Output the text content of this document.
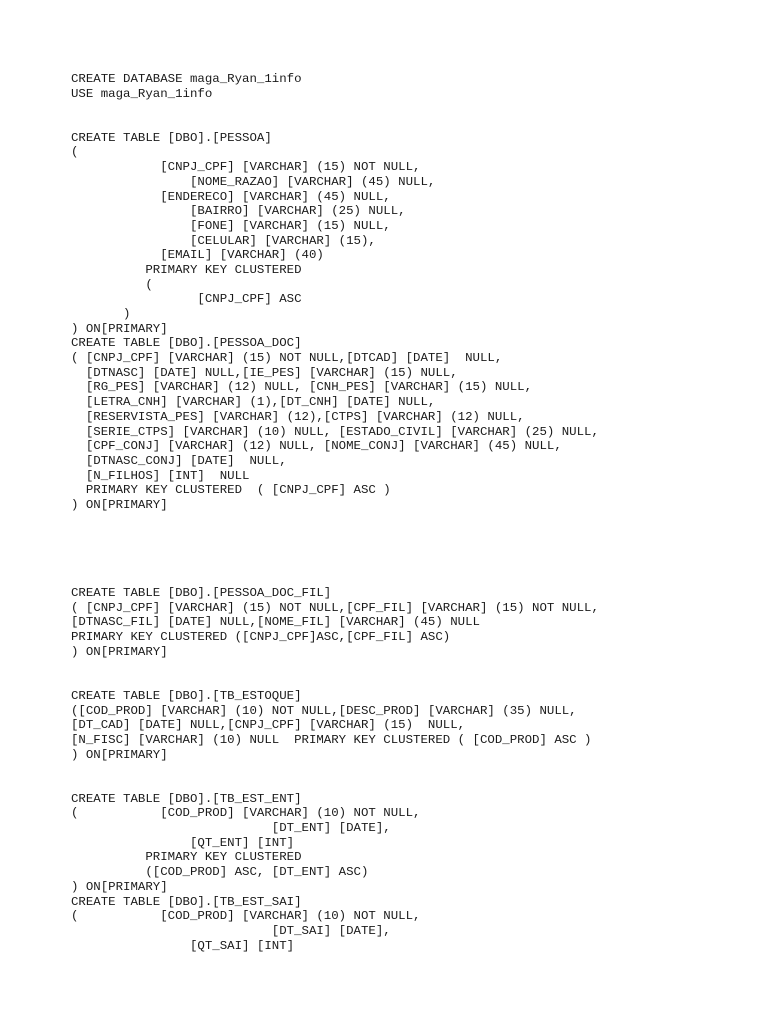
CREATE DATABASE maga_Ryan_1info
USE maga_Ryan_1info
CREATE TABLE [DBO].[PESSOA]
(
[CNPJ_CPF] [VARCHAR] (15) NOT NULL,
[NOME_RAZAO] [VARCHAR] (45) NULL,
[ENDERECO] [VARCHAR] (45) NULL,
[BAIRRO] [VARCHAR] (25) NULL,
[FONE] [VARCHAR] (15) NULL,
[CELULAR] [VARCHAR] (15),
[EMAIL] [VARCHAR] (40)
PRIMARY KEY CLUSTERED
(
[CNPJ_CPF] ASC
)
) ON[PRIMARY]
CREATE TABLE [DBO].[PESSOA_DOC]
( [CNPJ_CPF] [VARCHAR] (15) NOT NULL,[DTCAD] [DATE]  NULL,
[DTNASC] [DATE] NULL,[IE_PES] [VARCHAR] (15) NULL,
[RG_PES] [VARCHAR] (12) NULL, [CNH_PES] [VARCHAR] (15) NULL,
[LETRA_CNH] [VARCHAR] (1),[DT_CNH] [DATE] NULL,
[RESERVISTA_PES] [VARCHAR] (12),[CTPS] [VARCHAR] (12) NULL,
[SERIE_CTPS] [VARCHAR] (10) NULL, [ESTADO_CIVIL] [VARCHAR] (25) NULL,
[CPF_CONJ] [VARCHAR] (12) NULL, [NOME_CONJ] [VARCHAR] (45) NULL,
[DTNASC_CONJ] [DATE]  NULL,
[N_FILHOS] [INT]  NULL
PRIMARY KEY CLUSTERED  ( [CNPJ_CPF] ASC )
) ON[PRIMARY]
CREATE TABLE [DBO].[PESSOA_DOC_FIL]
( [CNPJ_CPF] [VARCHAR] (15) NOT NULL,[CPF_FIL] [VARCHAR] (15) NOT NULL,
[DTNASC_FIL] [DATE] NULL,[NOME_FIL] [VARCHAR] (45) NULL
PRIMARY KEY CLUSTERED ([CNPJ_CPF]ASC,[CPF_FIL] ASC)
) ON[PRIMARY]
CREATE TABLE [DBO].[TB_ESTOQUE]
([COD_PROD] [VARCHAR] (10) NOT NULL,[DESC_PROD] [VARCHAR] (35) NULL,
[DT_CAD] [DATE] NULL,[CNPJ_CPF] [VARCHAR] (15)  NULL,
[N_FISC] [VARCHAR] (10) NULL  PRIMARY KEY CLUSTERED ( [COD_PROD] ASC )
) ON[PRIMARY]
CREATE TABLE [DBO].[TB_EST_ENT]
(           [COD_PROD] [VARCHAR] (10) NOT NULL,
[DT_ENT] [DATE],
[QT_ENT] [INT]
PRIMARY KEY CLUSTERED
([COD_PROD] ASC, [DT_ENT] ASC)
) ON[PRIMARY]
CREATE TABLE [DBO].[TB_EST_SAI]
(           [COD_PROD] [VARCHAR] (10) NOT NULL,
[DT_SAI] [DATE],
[QT_SAI] [INT]
